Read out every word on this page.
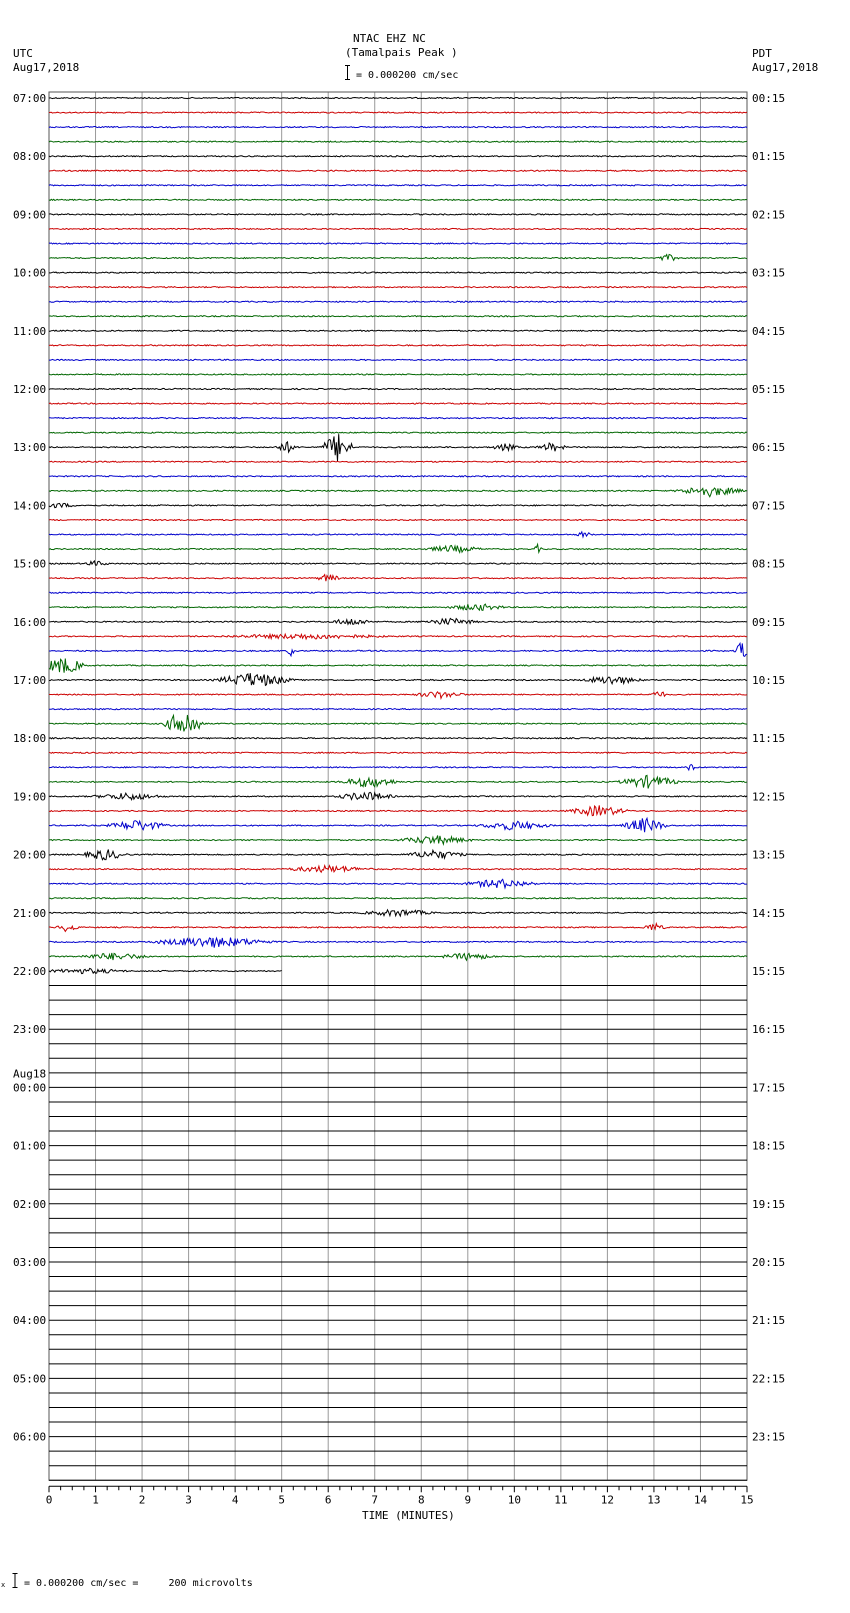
0	1	2	3	4	5	6	7	8	9	10	11	12	13	14	15
07:00
08:00
09:00
10:00
11:00
12:00
13:00
14:00
15:00
16:00
17:00
18:00
19:00
20:00
21:00
22:00
23:00
00:00
Aug18
01:00
02:00
03:00
04:00
05:00
06:00
00:15
01:15
02:15
03:15
04:15
05:15
06:15
07:15
08:15
09:15
10:15
11:15
12:15
13:15
14:15
15:15
16:15
17:15
18:15
19:15
20:15
21:15
22:15
23:15
NTAC EHZ NC
(Tamalpais Peak )
= 0.000200 cm/sec
UTC
Aug17,2018
PDT
Aug17,2018
TIME (MINUTES)
x = 0.000200 cm/sec =     200 microvolts
